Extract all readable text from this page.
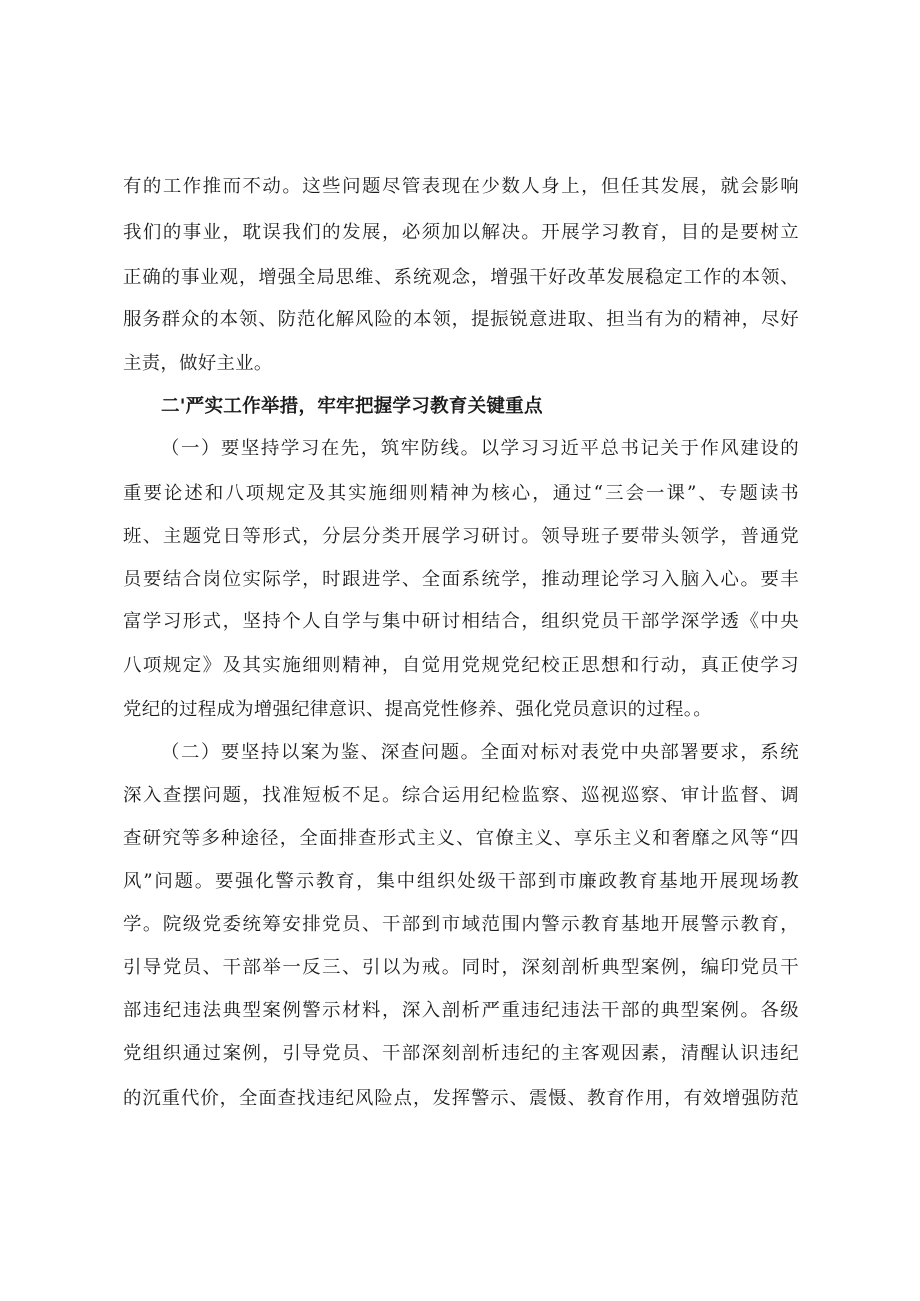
有的工作推而不动。这些问题尽管表现在少数人身上，但任其发展，就会影响
我们的事业，耽误我们的发展，必须加以解决。开展学习教育，目的是要树立
正确的事业观，增强全局思维、系统观念，增强干好改革发展稳定工作的本领、
服务群众的本领、防范化解风险的本领，提振锐意进取、担当有为的精神，尽好
主责，做好主业。
二'严实工作举措，牢牢把握学习教育关键重点
（一）要坚持学习在先，筑牢防线。以学习习近平总书记关于作风建设的
重要论述和八项规定及其实施细则精神为核心，通过“三会一课”、专题读书
班、主题党日等形式，分层分类开展学习研讨。领导班子要带头领学，普通党
员要结合岗位实际学，时跟进学、全面系统学，推动理论学习入脑入心。要丰
富学习形式，坚持个人自学与集中研讨相结合，组织党员干部学深学透《中央
八项规定》及其实施细则精神，自觉用党规党纪校正思想和行动，真正使学习
党纪的过程成为增强纪律意识、提高党性修养、强化党员意识的过程。。
（二）要坚持以案为鉴、深查问题。全面对标对表党中央部署要求，系统
深入查摆问题，找准短板不足。综合运用纪检监察、巡视巡察、审计监督、调
查研究等多种途径，全面排查形式主义、官僚主义、享乐主义和奢靡之风等“四
风”问题。要强化警示教育，集中组织处级干部到市廉政教育基地开展现场教
学。院级党委统筹安排党员、干部到市域范围内警示教育基地开展警示教育，
引导党员、干部举一反三、引以为戒。同时，深刻剖析典型案例，编印党员干
部违纪违法典型案例警示材料，深入剖析严重违纪违法干部的典型案例。各级
党组织通过案例，引导党员、干部深刻剖析违纪的主客观因素，清醒认识违纪
的沉重代价，全面查找违纪风险点，发挥警示、震慑、教育作用，有效增强防范
